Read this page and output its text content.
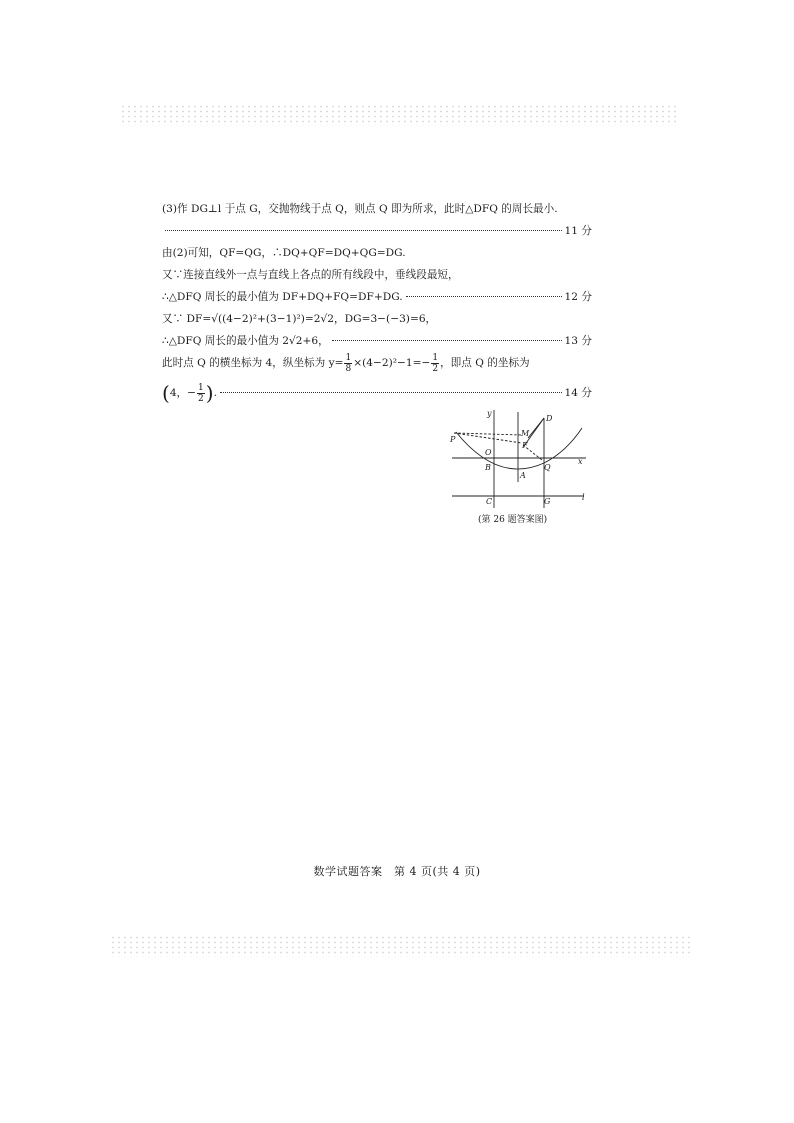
(3)作 DG⊥l 于点 G，交抛物线于点 Q，则点 Q 即为所求，此时△DFQ 的周长最小.
11 分
由(2)可知，QF=QG，∴DQ+QF=DQ+QG=DG.
又∵连接直线外一点与直线上各点的所有线段中，垂线段最短，
∴△DFQ 周长的最小值为 DF+DQ+FQ=DF+DG.	12 分
又∵ DF=√((4−2)²+(3−1)²)=2√2，DG=3−(−3)=6，
∴△DFQ 周长的最小值为 2√2+6，	13 分
此时点 Q 的横坐标为 4，纵坐标为 $y= \frac{1}{8} \times(4-2)^2-1=- \frac{1}{2}$ ，即点 Q 的坐标为
(4，− $\frac{1}{2}$ ).	14 分
y
x
D
P
M
F
O
B	Q
A
C	G	l
(第 26 题答案图)
数学试题答案　第 4 页(共 4 页)
